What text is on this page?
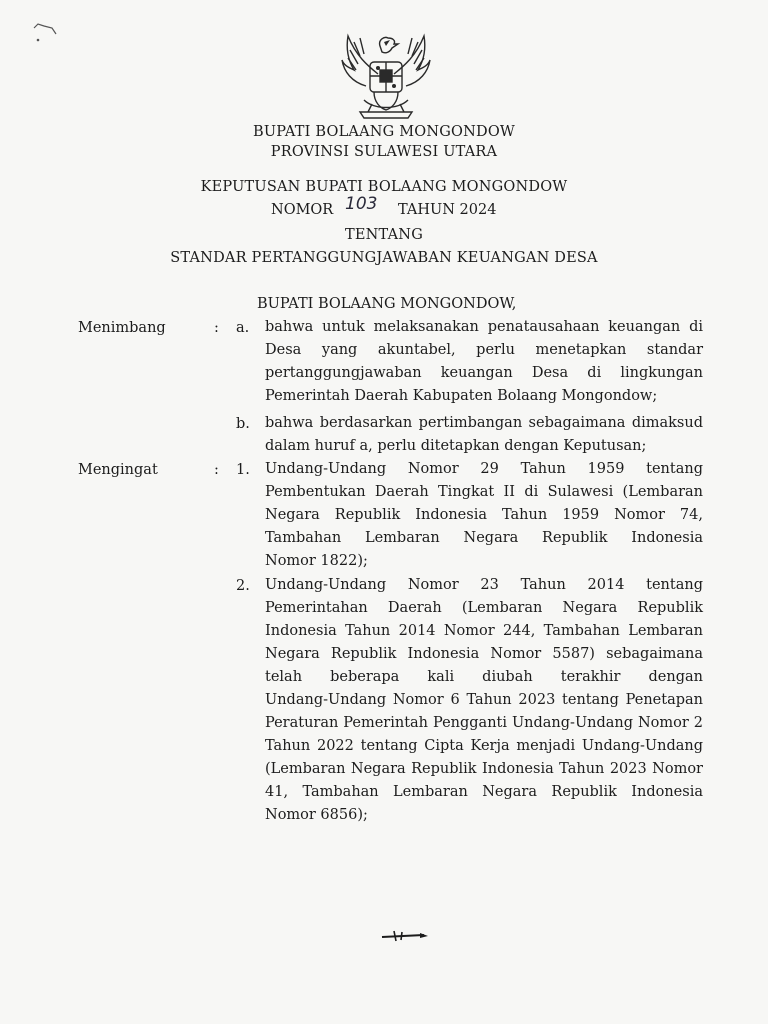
BUPATI BOLAANG MONGONDOW
PROVINSI SULAWESI UTARA
KEPUTUSAN BUPATI BOLAANG MONGONDOW
NOMOR 103 TAHUN 2024
TENTANG
STANDAR PERTANGGUNGJAWABAN KEUANGAN DESA
BUPATI BOLAANG MONGONDOW,
Menimbang	: a. bahwa untuk melaksanakan penatausahaan keuangan di
Desa yang akuntabel, perlu menetapkan standar
pertanggungjawaban keuangan Desa di lingkungan
Pemerintah Daerah Kabupaten Bolaang Mongondow;
b. bahwa berdasarkan pertimbangan sebagaimana dimaksud
dalam huruf a, perlu ditetapkan dengan Keputusan;
Mengingat	: 1. Undang-Undang Nomor 29 Tahun 1959 tentang
Pembentukan Daerah Tingkat II di Sulawesi (Lembaran
Negara Republik Indonesia Tahun 1959 Nomor 74,
Tambahan Lembaran Negara Republik Indonesia
Nomor 1822);
2. Undang-Undang Nomor 23 Tahun 2014 tentang
Pemerintahan Daerah (Lembaran Negara Republik
Indonesia Tahun 2014 Nomor 244, Tambahan Lembaran
Negara Republik Indonesia Nomor 5587) sebagaimana
telah beberapa kali diubah terakhir dengan
Undang-Undang Nomor 6 Tahun 2023 tentang Penetapan
Peraturan Pemerintah Pengganti Undang-Undang Nomor 2
Tahun 2022 tentang Cipta Kerja menjadi Undang-Undang
(Lembaran Negara Republik Indonesia Tahun 2023 Nomor
41, Tambahan Lembaran Negara Republik Indonesia
Nomor 6856);
